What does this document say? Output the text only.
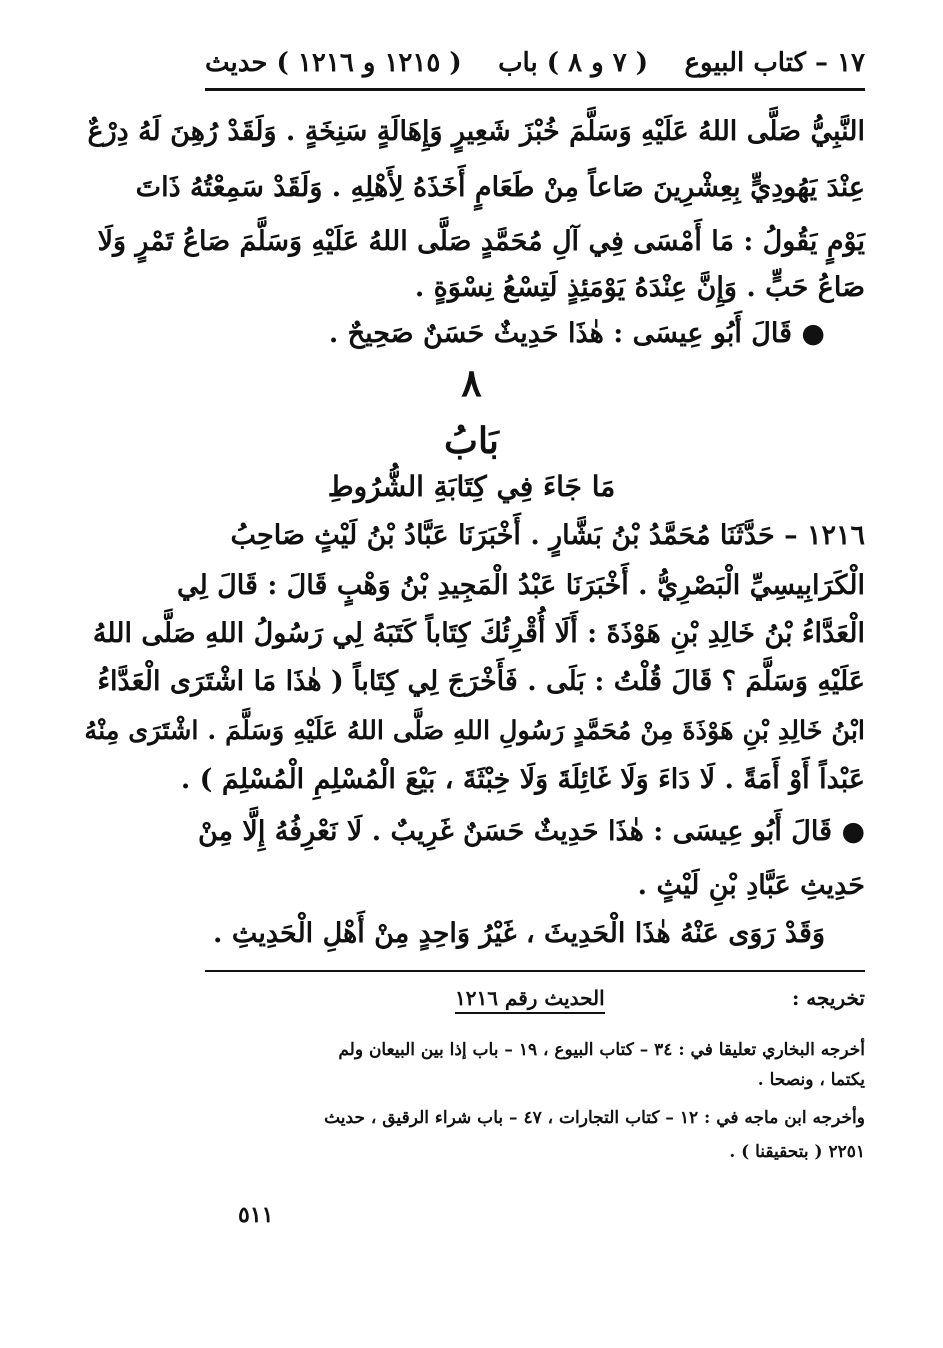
١٧ – كتاب البيوع
( ٧ و ٨ ) باب
( ١٢١٥ و ١٢١٦ ) حديث
النَّبِيُّ صَلَّى اللهُ عَلَيْهِ وَسَلَّمَ خُبْزَ شَعِيرٍ وَإِهَالَةٍ سَنِخَةٍ . وَلَقَدْ رُهِنَ لَهُ دِرْعٌ
عِنْدَ يَهُودِيٍّ بِعِشْرِينَ صَاعاً مِنْ طَعَامٍ أَخَذَهُ لِأَهْلِهِ . وَلَقَدْ سَمِعْتُهُ ذَاتَ
يَوْمٍ يَقُولُ : مَا أَمْسَى فِي آلِ مُحَمَّدٍ صَلَّى اللهُ عَلَيْهِ وَسَلَّمَ صَاعُ تَمْرٍ وَلَا
صَاعُ حَبٍّ . وَإِنَّ عِنْدَهُ يَوْمَئِذٍ لَتِسْعُ نِسْوَةٍ .
● قَالَ أَبُو عِيسَى : هٰذَا حَدِيثٌ حَسَنٌ صَحِيحٌ .
٨
بَابُ
مَا جَاءَ فِي كِتَابَةِ الشُّرُوطِ
١٢١٦ – حَدَّثَنَا مُحَمَّدُ بْنُ بَشَّارٍ . أَخْبَرَنَا عَبَّادُ بْنُ لَيْثٍ صَاحِبُ
الْكَرَابِيسِيِّ الْبَصْرِيُّ . أَخْبَرَنَا عَبْدُ الْمَجِيدِ بْنُ وَهْبٍ قَالَ : قَالَ لِي
الْعَدَّاءُ بْنُ خَالِدِ بْنِ هَوْذَةَ : أَلَا أُقْرِئُكَ كِتَاباً كَتَبَهُ لِي رَسُولُ اللهِ صَلَّى اللهُ
عَلَيْهِ وَسَلَّمَ ؟ قَالَ قُلْتُ : بَلَى . فَأَخْرَجَ لِي كِتَاباً ( هٰذَا مَا اشْتَرَى الْعَدَّاءُ
ابْنُ خَالِدِ بْنِ هَوْذَةَ مِنْ مُحَمَّدٍ رَسُولِ اللهِ صَلَّى اللهُ عَلَيْهِ وَسَلَّمَ . اشْتَرَى مِنْهُ
عَبْداً أَوْ أَمَةً . لَا دَاءَ وَلَا غَائِلَةَ وَلَا خِبْثَةَ ، بَيْعَ الْمُسْلِمِ الْمُسْلِمَ ) .
● قَالَ أَبُو عِيسَى : هٰذَا حَدِيثٌ حَسَنٌ غَرِيبٌ . لَا نَعْرِفُهُ إِلَّا مِنْ
حَدِيثِ عَبَّادِ بْنِ لَيْثٍ .
وَقَدْ رَوَى عَنْهُ هٰذَا الْحَدِيثَ ، غَيْرُ وَاحِدٍ مِنْ أَهْلِ الْحَدِيثِ .
تخريجه :
الحديث رقم ١٢١٦
أخرجه البخاري تعليقا في : ٣٤ – كتاب البيوع ، ١٩ – باب إذا بين البيعان ولم
يكتما ، ونصحا .
وأخرجه ابن ماجه في : ١٢ – كتاب التجارات ، ٤٧ – باب شراء الرقيق ، حديث
٢٢٥١ ( بتحقيقنا ) .
٥١١
